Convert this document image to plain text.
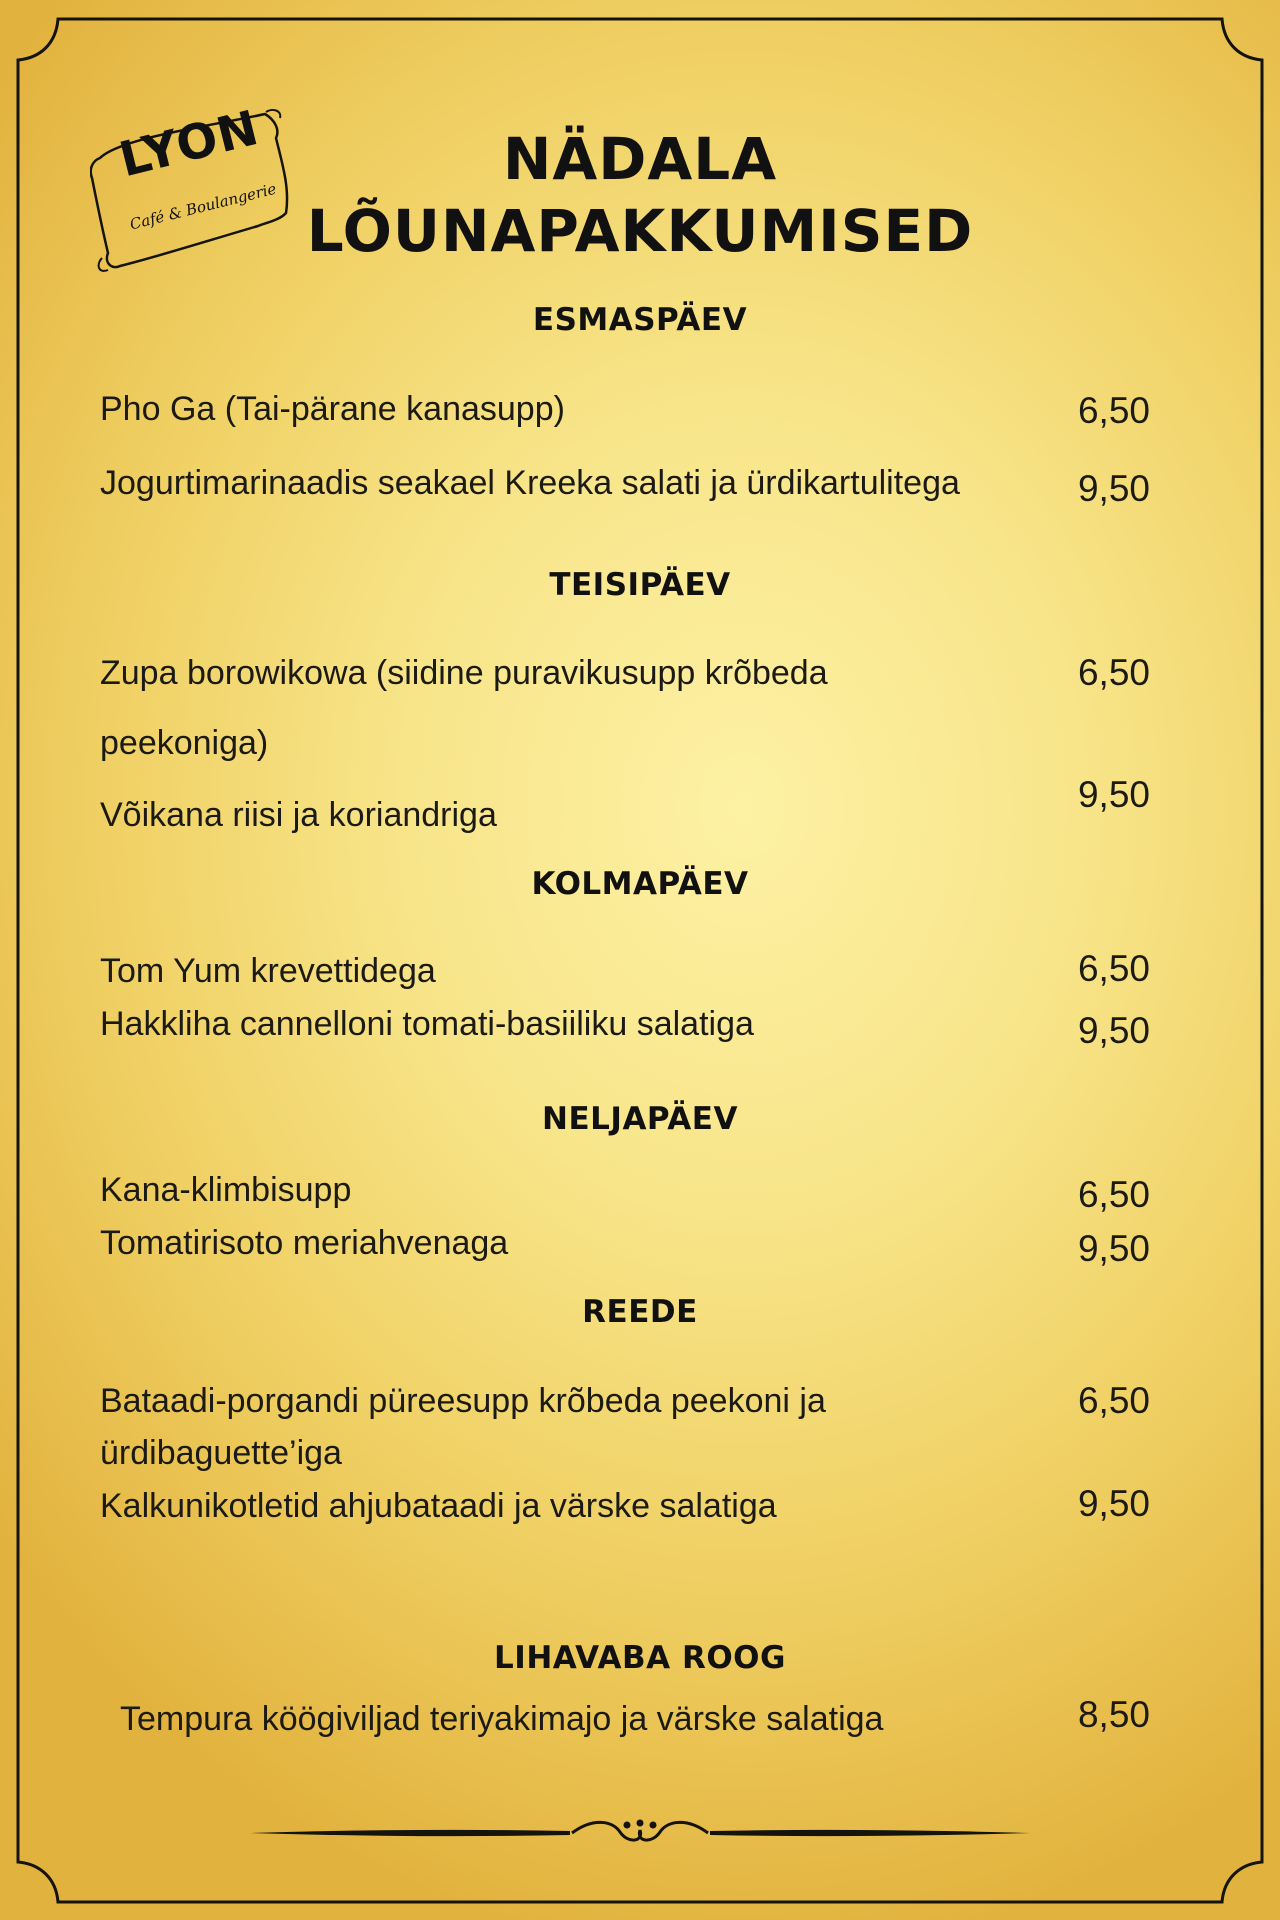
LYON
Café & Boulangerie
NÄDALA
LÕUNAPAKKUMISED
ESMASPÄEV
Pho Ga (Tai-pärane kanasupp)	6,50
Jogurtimarinaadis seakael Kreeka salati ja ürdikartulitega	9,50
TEISIPÄEV
Zupa borowikowa (siidine puravikusupp krõbeda	6,50
peekoniga)
Võikana riisi ja koriandriga	9,50
KOLMAPÄEV
Tom Yum krevettidega	6,50
Hakkliha cannelloni tomati-basiiliku salatiga	9,50
NELJAPÄEV
Kana-klimbisupp	6,50
Tomatirisoto meriahvenaga	9,50
REEDE
Bataadi-porgandi püreesupp krõbeda peekoni ja	6,50
ürdibaguette’iga
Kalkunikotletid ahjubataadi ja värske salatiga	9,50
LIHAVABA ROOG
Tempura köögiviljad teriyakimajo ja värske salatiga	8,50
